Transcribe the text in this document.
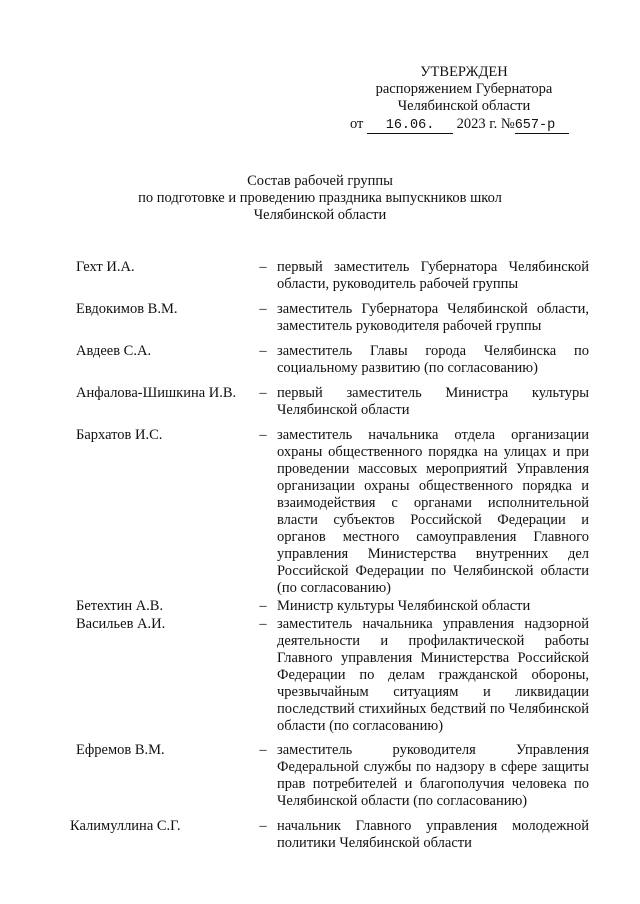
УТВЕРЖДЕН
распоряжением Губернатора
Челябинской области
от 16.06. 2023 г. №657-р
Состав рабочей группы
по подготовке и проведению праздника выпускников школ
Челябинской области
Гехт И.А.	– первый заместитель Губернатора Челябинской области, руководитель рабочей группы
Евдокимов В.М.	– заместитель Губернатора Челябинской области, заместитель руководителя рабочей группы
Авдеев С.А.	– заместитель Главы города Челябинска по социальному развитию (по согласованию)
Анфалова-Шишкина И.В.	– первый заместитель Министра культуры Челябинской области
Бархатов И.С.	– заместитель начальника отдела организации охраны общественного порядка на улицах и при проведении массовых мероприятий Управления организации охраны общественного порядка и взаимодействия с органами исполнительной власти субъектов Российской Федерации и органов местного самоуправления Главного управления Министерства внутренних дел Российской Федерации по Челябинской области (по согласованию)
Бетехтин А.В.	– Министр культуры Челябинской области
Васильев А.И.	– заместитель начальника управления надзорной деятельности и профилактической работы Главного управления Министерства Российской Федерации по делам гражданской обороны, чрезвычайным ситуациям и ликвидации последствий стихийных бедствий по Челябинской области (по согласованию)
Ефремов В.М.	– заместитель руководителя Управления Федеральной службы по надзору в сфере защиты прав потребителей и благополучия человека по Челябинской области (по согласованию)
Калимуллина С.Г.	– начальник Главного управления молодежной политики Челябинской области
